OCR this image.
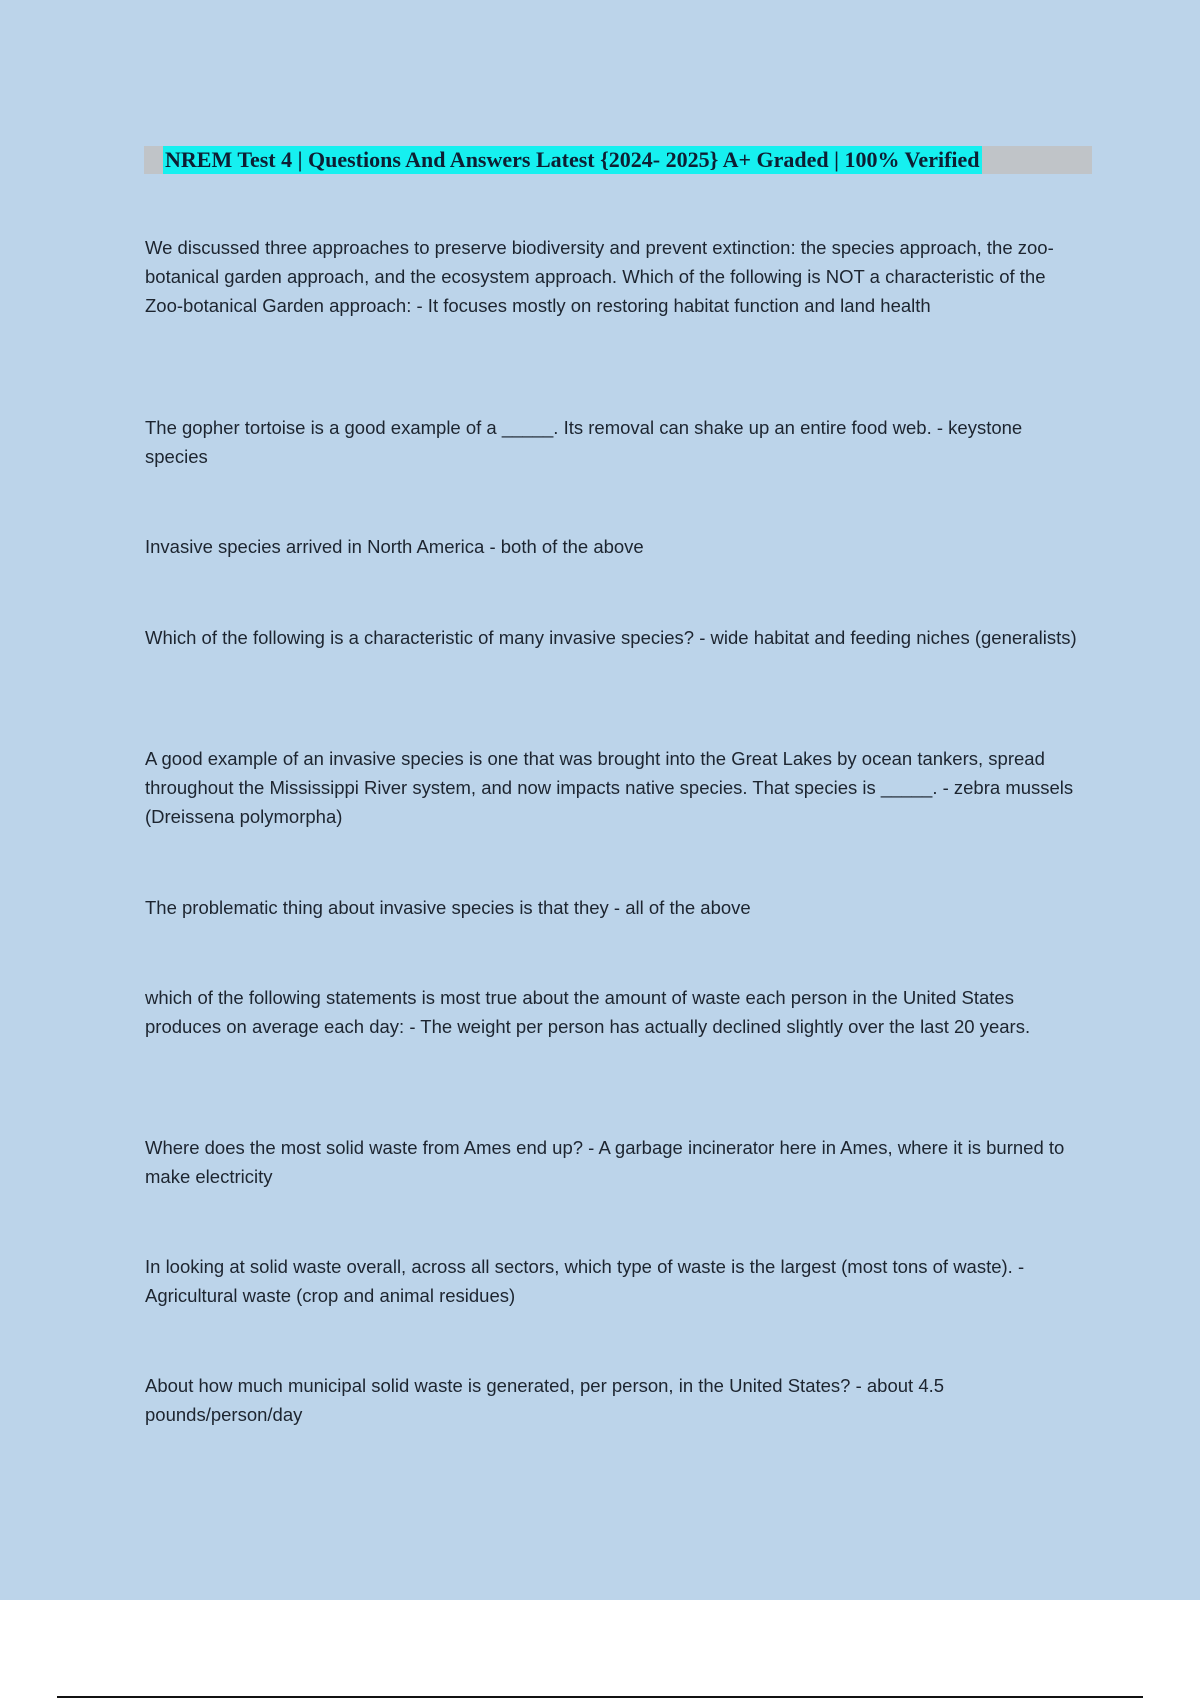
NREM Test 4 | Questions And Answers Latest {2024- 2025} A+ Graded | 100% Verified

We discussed three approaches to preserve biodiversity and prevent extinction: the species approach, the zoo-botanical garden approach, and the ecosystem approach. Which of the following is NOT a characteristic of the Zoo-botanical Garden approach: - It focuses mostly on restoring habitat function and land health

The gopher tortoise is a good example of a _____. Its removal can shake up an entire food web. - keystone species

Invasive species arrived in North America - both of the above

Which of the following is a characteristic of many invasive species? - wide habitat and feeding niches (generalists)

A good example of an invasive species is one that was brought into the Great Lakes by ocean tankers, spread throughout the Mississippi River system, and now impacts native species. That species is _____. - zebra mussels (Dreissena polymorpha)

The problematic thing about invasive species is that they - all of the above

which of the following statements is most true about the amount of waste each person in the United States produces on average each day: - The weight per person has actually declined slightly over the last 20 years.

Where does the most solid waste from Ames end up? - A garbage incinerator here in Ames, where it is burned to make electricity

In looking at solid waste overall, across all sectors, which type of waste is the largest (most tons of waste). - Agricultural waste (crop and animal residues)

About how much municipal solid waste is generated, per person, in the United States? - about 4.5 pounds/person/day
